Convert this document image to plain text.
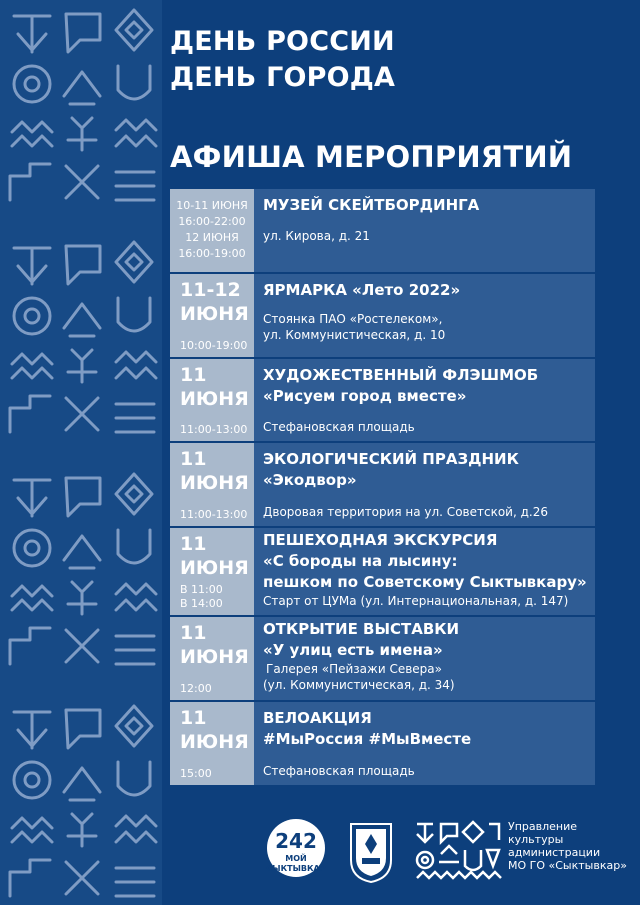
ДЕНЬ РОССИИ
ДЕНЬ ГОРОДА
АФИША МЕРОПРИЯТИЙ
10-11 ИЮНЯ
16:00-22:00
12 ИЮНЯ
16:00-19:00
МУЗЕЙ СКЕЙТБОРДИНГА
ул. Кирова, д. 21
11-12
ИЮНЯ
10:00-19:00
ЯРМАРКА «Лето 2022»
Стоянка ПАО «Ростелеком»,
ул. Коммунистическая, д. 10
11
ИЮНЯ
11:00-13:00
ХУДОЖЕСТВЕННЫЙ ФЛЭШМОБ
«Рисуем город вместе»
Стефановская площадь
11
ИЮНЯ
11:00-13:00
ЭКОЛОГИЧЕСКИЙ ПРАЗДНИК
«Экодвор»
Дворовая территория на ул. Советской, д.26
11
ИЮНЯ
В 11:00
В 14:00
ПЕШЕХОДНАЯ ЭКСКУРСИЯ
«С бороды на лысину:
пешком по Советскому Сыктывкару»
Старт от ЦУМа (ул. Интернациональная, д. 147)
11
ИЮНЯ
12:00
ОТКРЫТИЕ ВЫСТАВКИ
«У улиц есть имена»
Галерея «Пейзажи Севера»
(ул. Коммунистическая, д. 34)
11
ИЮНЯ
15:00
ВЕЛОАКЦИЯ
#МыРоссия #МыВместе
Стефановская площадь
242
МОЙ
СЫКТЫВКАР
Управление
культуры
администрации
МО ГО «Сыктывкар»
